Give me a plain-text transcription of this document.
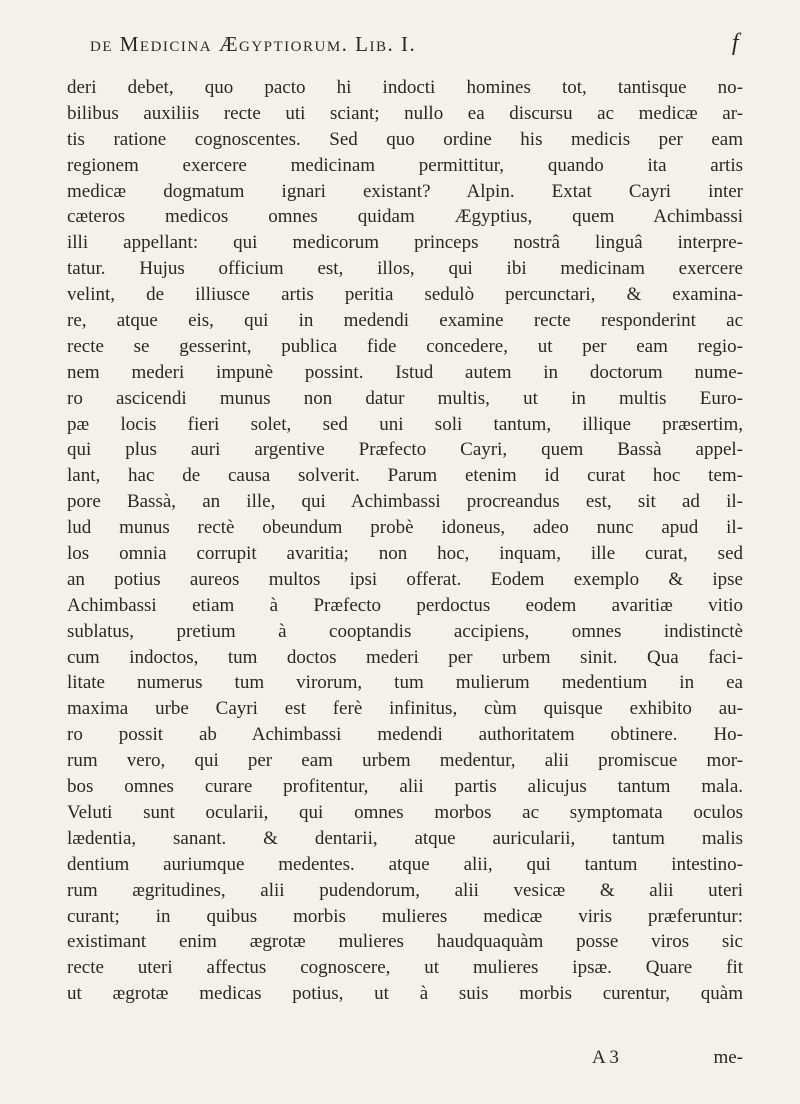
de Medicina Ægyptiorum. Lib. I.	f
deri debet, quo pacto hi indocti homines tot, tantisque no-
bilibus auxiliis recte uti sciant; nullo ea discursu ac medicæ ar-
tis ratione cognoscentes. Sed quo ordine his medicis per eam
regionem exercere medicinam permittitur, quando ita artis
medicæ dogmatum ignari existant? Alpin. Extat Cayri inter
cæteros medicos omnes quidam Ægyptius, quem Achimbassi
illi appellant: qui medicorum princeps nostrâ linguâ interpre-
tatur. Hujus officium est, illos, qui ibi medicinam exercere
velint, de illiusce artis peritia sedulò percunctari, & examina-
re, atque eis, qui in medendi examine recte responderint ac
recte se gesserint, publica fide concedere, ut per eam regio-
nem mederi impunè possint. Istud autem in doctorum nume-
ro ascicendi munus non datur multis, ut in multis Euro-
pæ locis fieri solet, sed uni soli tantum, illique præsertim,
qui plus auri argentive Præfecto Cayri, quem Bassà appel-
lant, hac de causa solverit. Parum etenim id curat hoc tem-
pore Bassà, an ille, qui Achimbassi procreandus est, sit ad il-
lud munus rectè obeundum probè idoneus, adeo nunc apud il-
los omnia corrupit avaritia; non hoc, inquam, ille curat, sed
an potius aureos multos ipsi offerat. Eodem exemplo & ipse
Achimbassi etiam à Præfecto perdoctus eodem avaritiæ vitio
sublatus, pretium à cooptandis accipiens, omnes indistinctè
cum indoctos, tum doctos mederi per urbem sinit. Qua faci-
litate numerus tum virorum, tum mulierum medentium in ea
maxima urbe Cayri est ferè infinitus, cùm quisque exhibito au-
ro possit ab Achimbassi medendi authoritatem obtinere. Ho-
rum vero, qui per eam urbem medentur, alii promiscue mor-
bos omnes curare profitentur, alii partis alicujus tantum mala.
Veluti sunt ocularii, qui omnes morbos ac symptomata oculos
lædentia, sanant. & dentarii, atque auricularii, tantum malis
dentium auriumque medentes. atque alii, qui tantum intestino-
rum ægritudines, alii pudendorum, alii vesicæ & alii uteri
curant; in quibus morbis mulieres medicæ viris præferuntur:
existimant enim ægrotæ mulieres haudquaquàm posse viros sic
recte uteri affectus cognoscere, ut mulieres ipsæ. Quare fit
ut ægrotæ medicas potius, ut à suis morbis curentur, quàm
A 3	me-
